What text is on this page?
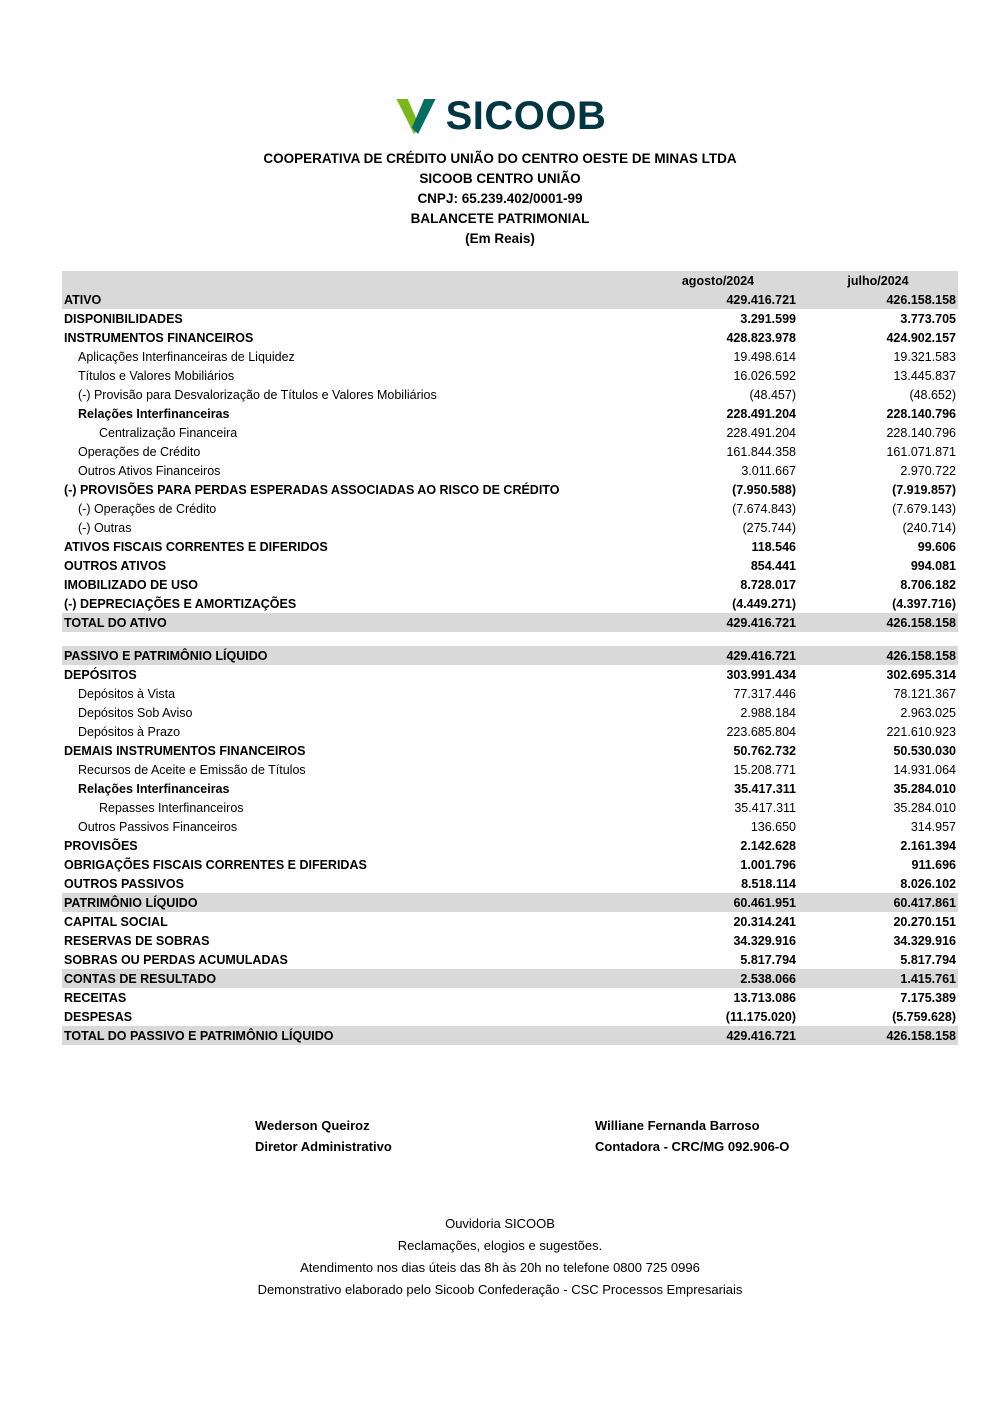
SICOOB
COOPERATIVA DE CRÉDITO UNIÃO DO CENTRO OESTE DE MINAS LTDA
SICOOB CENTRO UNIÃO
CNPJ: 65.239.402/0001-99
BALANCETE PATRIMONIAL
(Em Reais)
	agosto/2024	julho/2024
ATIVO	429.416.721	426.158.158
DISPONIBILIDADES	3.291.599	3.773.705
INSTRUMENTOS FINANCEIROS	428.823.978	424.902.157
Aplicações Interfinanceiras de Liquidez	19.498.614	19.321.583
Títulos e Valores Mobiliários	16.026.592	13.445.837
(-) Provisão para Desvalorização de Títulos e Valores Mobiliários	(48.457)	(48.652)
Relações Interfinanceiras	228.491.204	228.140.796
Centralização Financeira	228.491.204	228.140.796
Operações de Crédito	161.844.358	161.071.871
Outros Ativos Financeiros	3.011.667	2.970.722
(-) PROVISÕES PARA PERDAS ESPERADAS ASSOCIADAS AO RISCO DE CRÉDITO	(7.950.588)	(7.919.857)
(-) Operações de Crédito	(7.674.843)	(7.679.143)
(-) Outras	(275.744)	(240.714)
ATIVOS FISCAIS CORRENTES E DIFERIDOS	118.546	99.606
OUTROS ATIVOS	854.441	994.081
IMOBILIZADO DE USO	8.728.017	8.706.182
(-) DEPRECIAÇÕES E AMORTIZAÇÕES	(4.449.271)	(4.397.716)
TOTAL DO ATIVO	429.416.721	426.158.158

PASSIVO E PATRIMÔNIO LÍQUIDO	429.416.721	426.158.158
DEPÓSITOS	303.991.434	302.695.314
Depósitos à Vista	77.317.446	78.121.367
Depósitos Sob Aviso	2.988.184	2.963.025
Depósitos à Prazo	223.685.804	221.610.923
DEMAIS INSTRUMENTOS FINANCEIROS	50.762.732	50.530.030
Recursos de Aceite e Emissão de Títulos	15.208.771	14.931.064
Relações Interfinanceiras	35.417.311	35.284.010
Repasses Interfinanceiros	35.417.311	35.284.010
Outros Passivos Financeiros	136.650	314.957
PROVISÕES	2.142.628	2.161.394
OBRIGAÇÕES FISCAIS CORRENTES E DIFERIDAS	1.001.796	911.696
OUTROS PASSIVOS	8.518.114	8.026.102
PATRIMÔNIO LÍQUIDO	60.461.951	60.417.861
CAPITAL SOCIAL	20.314.241	20.270.151
RESERVAS DE SOBRAS	34.329.916	34.329.916
SOBRAS OU PERDAS ACUMULADAS	5.817.794	5.817.794
CONTAS DE RESULTADO	2.538.066	1.415.761
RECEITAS	13.713.086	7.175.389
DESPESAS	(11.175.020)	(5.759.628)
TOTAL DO PASSIVO E PATRIMÔNIO LÍQUIDO	429.416.721	426.158.158
Wederson Queiroz
Diretor Administrativo
Williane Fernanda Barroso
Contadora - CRC/MG 092.906-O
Ouvidoria SICOOB
Reclamações, elogios e sugestões.
Atendimento nos dias úteis das 8h às 20h no telefone 0800 725 0996
Demonstrativo elaborado pelo Sicoob Confederação - CSC Processos Empresariais
